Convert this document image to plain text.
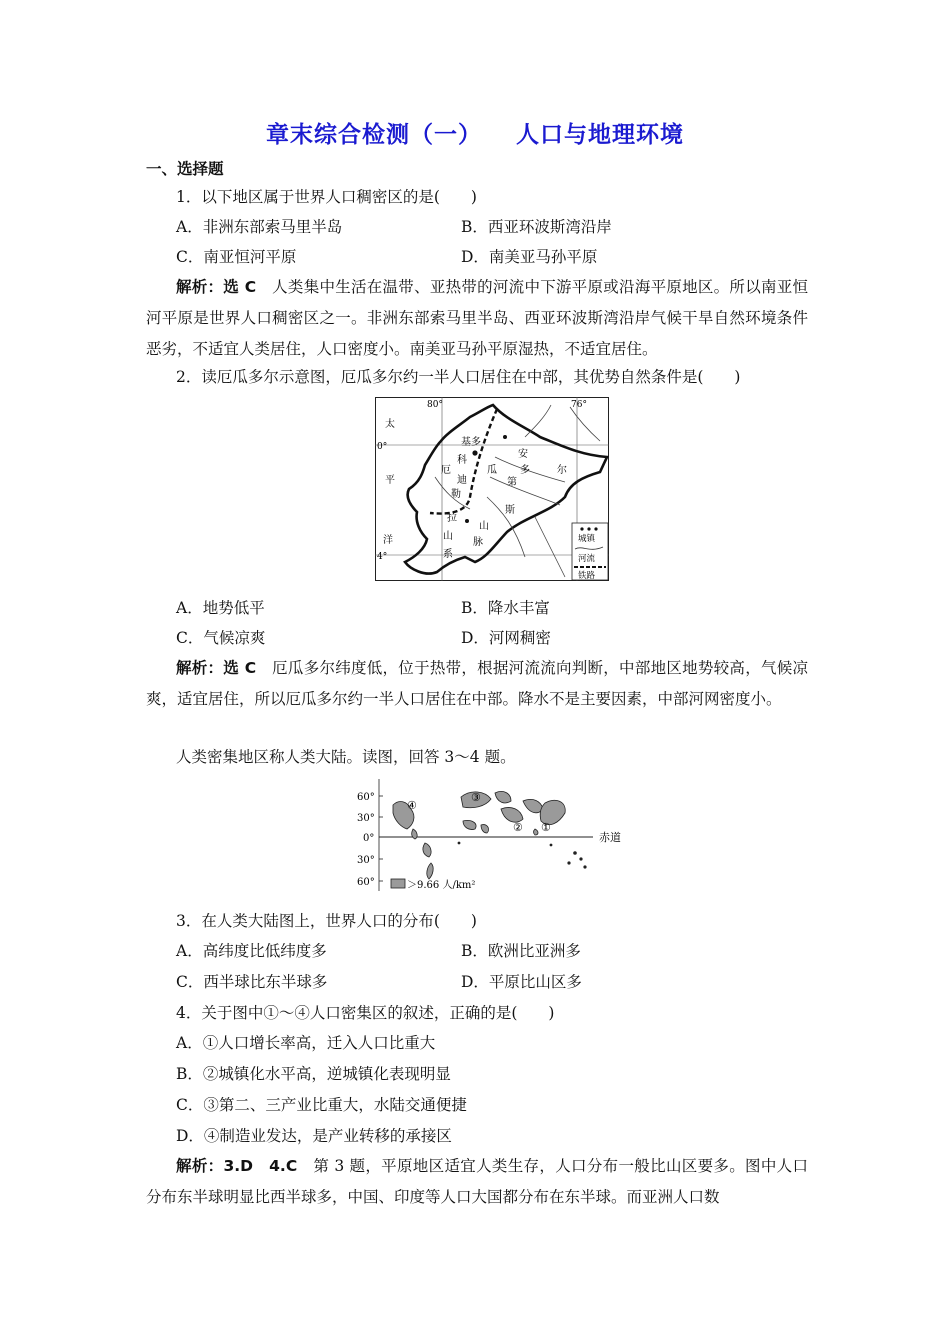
章末综合检测（一） 人口与地理环境
一、选择题
1．以下地区属于世界人口稠密区的是(　　)
A．非洲东部索马里半岛	B．西亚环波斯湾沿岸
C．南亚恒河平原	D．南美亚马孙平原
解析：选 C　人类集中生活在温带、亚热带的河流中下游平原或沿海平原地区。所以南亚恒河平原是世界人口稠密区之一。非洲东部索马里半岛、西亚环波斯湾沿岸气候干旱自然环境条件恶劣，不适宜人类居住，人口密度小。南美亚马孙平原湿热，不适宜居住。
2．读厄瓜多尔示意图，厄瓜多尔约一半人口居住在中部，其优势自然条件是(　　)
80°	76°
0°
4°
太
平
洋
基多
厄	瓜 多	尔
科
迪
勒
拉
山
系
安
第
斯
山
脉	城镇
河流
铁路
A．地势低平	B．降水丰富
C．气候凉爽	D．河网稠密
解析：选 C　厄瓜多尔纬度低，位于热带，根据河流流向判断，中部地区地势较高，气候凉爽，适宜居住，所以厄瓜多尔约一半人口居住在中部。降水不是主要因素，中部河网密度小。
人类密集地区称人类大陆。读图，回答 3～4 题。
60°
30°
0°
30°
60°
赤道
①
②
③
④
＞9.66 人/km²
3．在人类大陆图上，世界人口的分布(　　)
A．高纬度比低纬度多	B．欧洲比亚洲多
C．西半球比东半球多	D．平原比山区多
4．关于图中①～④人口密集区的叙述，正确的是(　　)
A．①人口增长率高，迁入人口比重大
B．②城镇化水平高，逆城镇化表现明显
C．③第二、三产业比重大，水陆交通便捷
D．④制造业发达，是产业转移的承接区
解析：3.D　4.C　第 3 题，平原地区适宜人类生存，人口分布一般比山区要多。图中人口分布东半球明显比西半球多，中国、印度等人口大国都分布在东半球。而亚洲人口数
